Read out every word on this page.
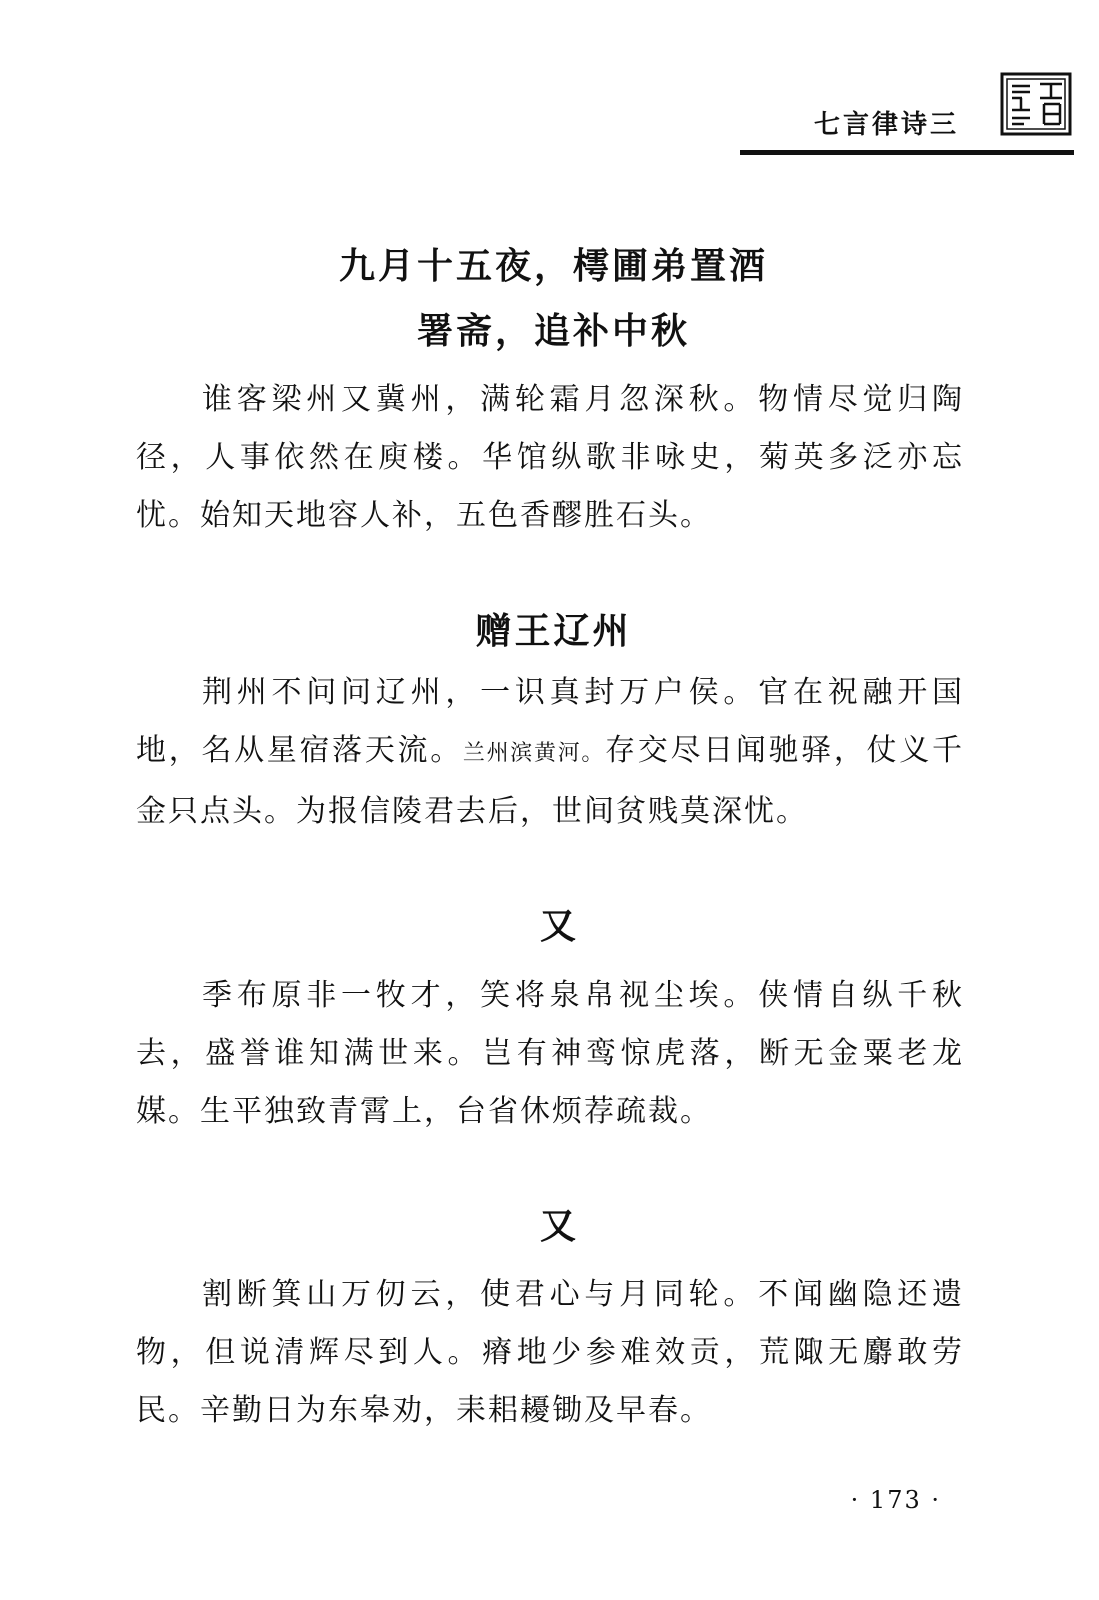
七言律诗三
九月十五夜，樗圃弟置酒
署斋，追补中秋
谁客梁州又冀州，满轮霜月忽深秋。物情尽觉归陶径，人事依然在庾楼。华馆纵歌非咏史，菊英多泛亦忘忧。始知天地容人补，五色香醪胜石头。
赠王辽州
荆州不问问辽州，一识真封万户侯。官在祝融开国地，名从星宿落天流。兰州滨黄河。存交尽日闻驰驿，仗义千金只点头。为报信陵君去后，世间贫贱莫深忧。
又
季布原非一牧才，笑将泉帛视尘埃。侠情自纵千秋去，盛誉谁知满世来。岂有神鸾惊虎落，断无金粟老龙媒。生平独致青霄上，台省休烦荐疏裁。
又
割断箕山万仞云，使君心与月同轮。不闻幽隐还遗物，但说清辉尽到人。瘠地少参难效贡，荒陬无麝敢劳民。辛勤日为东皋劝，耒耜耰锄及早春。
· 173 ·
